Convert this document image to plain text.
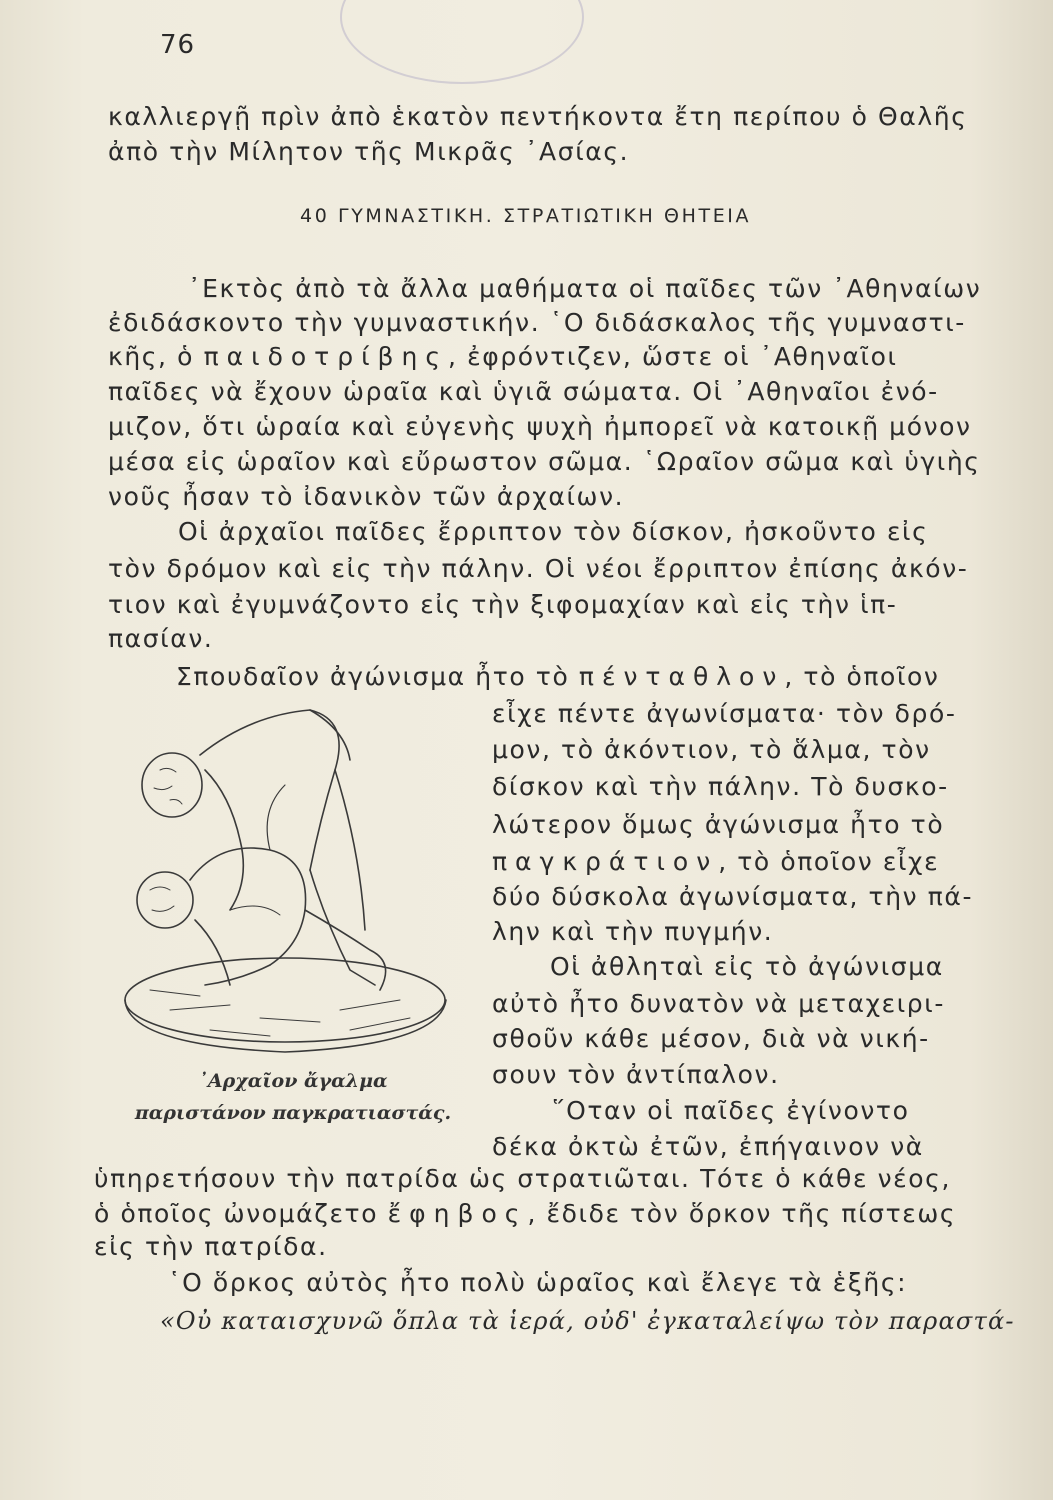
76
καλλιεργῇ πρὶν ἀπὸ ἑκατὸν πεντήκοντα ἔτη περίπου ὁ Θαλῆς
ἀπὸ τὴν Μίλητον τῆς Μικρᾶς ᾿Ασίας.
40 ΓΥΜΝΑΣΤΙΚΗ. ΣΤΡΑΤΙΩΤΙΚΗ ΘΗΤΕΙΑ
᾿Εκτὸς ἀπὸ τὰ ἄλλα μαθήματα οἱ παῖδες τῶν ᾿Αθηναίων
ἐδιδάσκοντο τὴν γυμναστικήν. ῾Ο διδάσκαλος τῆς γυμναστι-
κῆς, ὁ παιδοτρίβης, ἐφρόντιζεν, ὥστε οἱ ᾿Αθηναῖοι
παῖδες νὰ ἔχουν ὡραῖα καὶ ὑγιᾶ σώματα. Οἱ ᾿Αθηναῖοι ἐνό-
μιζον, ὅτι ὡραία καὶ εὐγενὴς ψυχὴ ἠμπορεῖ νὰ κατοικῇ μόνον
μέσα εἰς ὡραῖον καὶ εὔρωστον σῶμα. ῾Ωραῖον σῶμα καὶ ὑγιὴς
νοῦς ἦσαν τὸ ἰδανικὸν τῶν ἀρχαίων.
Οἱ ἀρχαῖοι παῖδες ἔρριπτον τὸν δίσκον, ἠσκοῦντο εἰς
τὸν δρόμον καὶ εἰς τὴν πάλην. Οἱ νέοι ἔρριπτον ἐπίσης ἀκόν-
τιον καὶ ἐγυμνάζοντο εἰς τὴν ξιφομαχίαν καὶ εἰς τὴν ἱπ-
πασίαν.
Σπουδαῖον ἀγώνισμα ἦτο τὸ πένταθλον, τὸ ὁποῖον
εἶχε πέντε ἀγωνίσματα· τὸν δρό-
μον, τὸ ἀκόντιον, τὸ ἅλμα, τὸν
δίσκον καὶ τὴν πάλην. Τὸ δυσκο-
λώτερον ὅμως ἀγώνισμα ἦτο τὸ
παγκράτιον, τὸ ὁποῖον εἶχε
δύο δύσκολα ἀγωνίσματα, τὴν πά-
λην καὶ τὴν πυγμήν.
Οἱ ἀθληταὶ εἰς τὸ ἀγώνισμα
αὐτὸ ἦτο δυνατὸν νὰ μεταχειρι-
σθοῦν κάθε μέσον, διὰ νὰ νική-
σουν τὸν ἀντίπαλον.
῞Οταν οἱ παῖδες ἐγίνοντο
δέκα ὀκτὼ ἐτῶν, ἐπήγαινον νὰ
ὑπηρετήσουν τὴν πατρίδα ὡς στρατιῶται. Τότε ὁ κάθε νέος,
ὁ ὁποῖος ὠνομάζετο ἔφηβος, ἔδιδε τὸν ὅρκον τῆς πίστεως
εἰς τὴν πατρίδα.
῾Ο ὅρκος αὐτὸς ἦτο πολὺ ὡραῖος καὶ ἔλεγε τὰ ἑξῆς:
«Οὐ καταισχυνῶ ὅπλα τὰ ἱερά, οὐδ' ἐγκαταλείψω τὸν παραστά-
᾿Αρχαῖον ἄγαλμα
παριστάνον παγκρατιαστάς.
